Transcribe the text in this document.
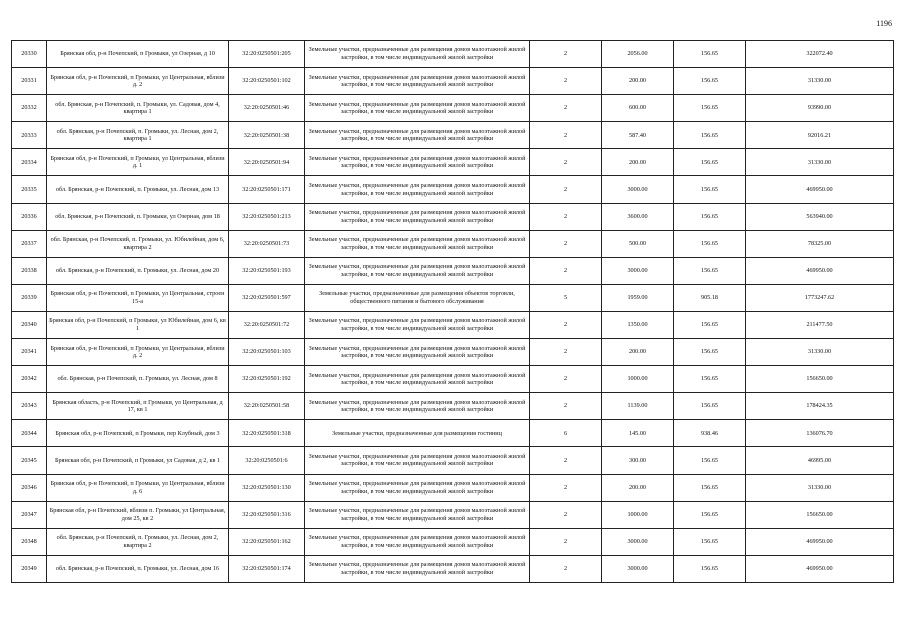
1196
20330	Брянская обл, р-н Почепский, п Громыки, ул Озерная, д 10	32:20:0250501:205	Земельные участки, предназначенные для размещения домов малоэтажной жилой застройки, в том числе индивидуальной жилой застройки	2	2056.00	156.65	322072.40
20331	Брянская обл, р-н Почепский, п Громыки, ул Центральная, вблизи д. 2	32:20:0250501:102	Земельные участки, предназначенные для размещения домов малоэтажной жилой застройки, в том числе индивидуальной жилой застройки	2	200.00	156.65	31330.00
20332	обл. Брянская, р-н Почепский, п. Громыки, ул. Садовая, дом 4, квартира 1	32:20:0250501:46	Земельные участки, предназначенные для размещения домов малоэтажной жилой застройки, в том числе индивидуальной жилой застройки	2	600.00	156.65	93990.00
20333	обл. Брянская, р-н Почепский, п. Громыки, ул. Лесная, дом 2, квартира 1	32:20:0250501:38	Земельные участки, предназначенные для размещения домов малоэтажной жилой застройки, в том числе индивидуальной жилой застройки	2	587.40	156.65	92016.21
20334	Брянская обл, р-н Почепский, п Громыки, ул Центральная, вблизи д. 1	32:20:0250501:94	Земельные участки, предназначенные для размещения домов малоэтажной жилой застройки, в том числе индивидуальной жилой застройки	2	200.00	156.65	31330.00
20335	обл. Брянская, р-н Почепский, п. Громыки, ул. Лесная, дом 13	32:20:0250501:171	Земельные участки, предназначенные для размещения домов малоэтажной жилой застройки, в том числе индивидуальной жилой застройки	2	3000.00	156.65	469950.00
20336	обл. Брянская, р-н Почепский, п. Громыки, ул Озерная, дом 18	32:20:0250501:213	Земельные участки, предназначенные для размещения домов малоэтажной жилой застройки, в том числе индивидуальной жилой застройки	2	3600.00	156.65	563940.00
20337	обл. Брянская, р-н Почепский, п. Громыки, ул. Юбилейная, дом 6, квартира 2	32:20:0250501:73	Земельные участки, предназначенные для размещения домов малоэтажной жилой застройки, в том числе индивидуальной жилой застройки	2	500.00	156.65	78325.00
20338	обл. Брянская, р-н Почепский, п. Громыки, ул. Лесная, дом 20	32:20:0250501:193	Земельные участки, предназначенные для размещения домов малоэтажной жилой застройки, в том числе индивидуальной жилой застройки	2	3000.00	156.65	469950.00
20339	Брянская обл, р-н Почепский, п Громыки, ул Центральная, строен 15-а	32:20:0250501:597	Земельные участки, предназначенные для размещения объектов торговли, общественного питания и бытового обслуживания	5	1959.00	905.18	1773247.62
20340	Брянская обл, р-н Почепский, п Громыки, ул Юбилейная, дом 6, кв 1	32:20:0250501:72	Земельные участки, предназначенные для размещения домов малоэтажной жилой застройки, в том числе индивидуальной жилой застройки	2	1350.00	156.65	211477.50
20341	Брянская обл, р-н Почепский, п Громыки, ул Центральная, вблизи д. 2	32:20:0250501:103	Земельные участки, предназначенные для размещения домов малоэтажной жилой застройки, в том числе индивидуальной жилой застройки	2	200.00	156.65	31330.00
20342	обл. Брянская, р-н Почепский, п. Громыки, ул. Лесная, дом 8	32:20:0250501:192	Земельные участки, предназначенные для размещения домов малоэтажной жилой застройки, в том числе индивидуальной жилой застройки	2	1000.00	156.65	156650.00
20343	Брянская область, р-н Почепский, п Громыки, ул Центральная, д 17, кв 1	32:20:0250501:58	Земельные участки, предназначенные для размещения домов малоэтажной жилой застройки, в том числе индивидуальной жилой застройки	2	1139.00	156.65	178424.35
20344	Брянская обл, р-н Почепский, п Громыки, пер Клубный, дом 3	32:20:0250501:318	Земельные участки, предназначенные для размещения гостиниц	6	145.00	938.46	136076.70
20345	Брянская обл, р-н Почепский, п Громыки, ул Садовая, д 2, кв 1	32:20:0250501:6	Земельные участки, предназначенные для размещения домов малоэтажной жилой застройки, в том числе индивидуальной жилой застройки	2	300.00	156.65	46995.00
20346	Брянская обл, р-н Почепский, п Громыки, ул Центральная, вблизи д. 6	32:20:0250501:130	Земельные участки, предназначенные для размещения домов малоэтажной жилой застройки, в том числе индивидуальной жилой застройки	2	200.00	156.65	31330.00
20347	Брянская обл, р-н Почепский, вблизи п. Громыки, ул Центральная, дом 25, кв 2	32:20:0250501:316	Земельные участки, предназначенные для размещения домов малоэтажной жилой застройки, в том числе индивидуальной жилой застройки	2	1000.00	156.65	156650.00
20348	обл. Брянская, р-н Почепский, п. Громыки, ул. Лесная, дом 2, квартира 2	32:20:0250501:162	Земельные участки, предназначенные для размещения домов малоэтажной жилой застройки, в том числе индивидуальной жилой застройки	2	3000.00	156.65	469950.00
20349	обл. Брянская, р-н Почепский, п. Громыки, ул. Лесная, дом 16	32:20:0250501:174	Земельные участки, предназначенные для размещения домов малоэтажной жилой застройки, в том числе индивидуальной жилой застройки	2	3000.00	156.65	469950.00
